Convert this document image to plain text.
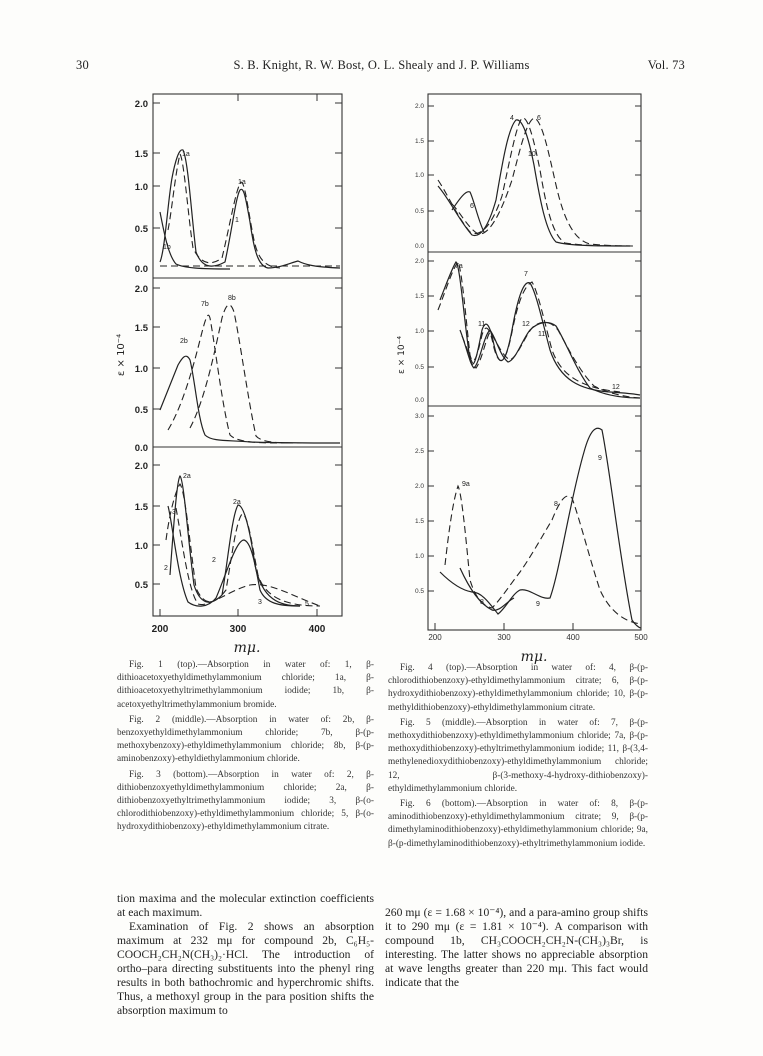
30	S. B. Knight, R. W. Bost, O. L. Shealy and J. P. Williams	Vol. 73
2.0
1.5
1.0
0.5
0.0
2.0
1.5
1.0
0.5
0.0
2.0
1.5
1.0
0.5
200	300	400
mμ.
ε × 10⁻⁴
1a
1a
1
1b
7b
8b
2b
2a
2a
3
2
2
3	5
2.0
1.5
1.0
0.5
0.0
2.0
1.5
1.0
0.5
0.0
3.0
2.5
2.0
1.5
1.0
0.5
200	300	400	500
mμ.
ε × 10⁻⁴
4	6
10
6
7a
7
11	12
11
12
9
9a
8
8	9

Fig. 1 (top).—Absorption in water of: 1, β-dithioacetoxyethyldimethylammonium chloride; 1a, β-dithioacetoxyethyltrimethylammonium iodide; 1b, β-acetoxyethyltrimethylammonium bromide.

Fig. 2 (middle).—Absorption in water of: 2b, β-benzoxyethyldimethylammonium chloride; 7b, β-(p-methoxybenzoxy)-ethyldimethylammonium chloride; 8b, β-(p-aminobenzoxy)-ethyldiethylammonium chloride.

Fig. 3 (bottom).—Absorption in water of: 2, β-dithiobenzoxyethyldimethylammonium chloride; 2a, β-dithiobenzoxyethyltrimethylammonium iodide; 3, β-(o-chlorodithiobenzoxy)-ethyldimethylammonium chloride; 5, β-(o-hydroxydithiobenzoxy)-ethyldimethylammonium citrate.

Fig. 4 (top).—Absorption in water of: 4, β-(p-chlorodithiobenzoxy)-ethyldimethylammonium citrate; 6, β-(p-hydroxydithiobenzoxy)-ethyldimethylammonium chloride; 10, β-(p-methyldithiobenzoxy)-ethyldimethylammonium citrate.

Fig. 5 (middle).—Absorption in water of: 7, β-(p-methoxydithiobenzoxy)-ethyldimethylammonium chloride; 7a, β-(p-methoxydithiobenzoxy)-ethyltrimethylammonium iodide; 11, β-(3,4-methylenedioxydithiobenzoxy)-ethyldimethylammonium chloride; 12, β-(3-methoxy-4-hydroxy-dithiobenzoxy)-ethyldimethylammonium chloride.

Fig. 6 (bottom).—Absorption in water of: 8, β-(p-aminodithiobenzoxy)-ethyldimethylammonium citrate; 9, β-(p-dimethylaminodithiobenzoxy)-ethyldimethylammonium chloride; 9a, β-(p-dimethylaminodithiobenzoxy)-ethyltrimethylammonium iodide.

tion maxima and the molecular extinction coefficients at each maximum.

Examination of Fig. 2 shows an absorption maximum at 232 mμ for compound 2b, C₆H₅-COOCH₂CH₂N(CH₃)₂·HCl. The introduction of ortho–para directing substituents into the phenyl ring results in both bathochromic and hyperchromic shifts. Thus, a methoxyl group in the para position shifts the absorption maximum to

260 mμ (ε = 1.68 × 10⁻⁴), and a para-amino group shifts it to 290 mμ (ε = 1.81 × 10⁻⁴). A comparison with compound 1b, CH₃COOCH₂CH₂N-(CH₃)₃Br, is interesting. The latter shows no appreciable absorption at wave lengths greater than 220 mμ. This fact would indicate that the
